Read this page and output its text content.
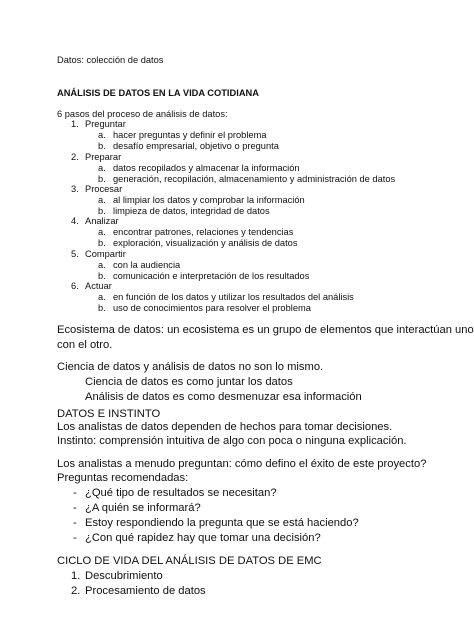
Datos: colección de datos
ANÁLISIS DE DATOS EN LA VIDA COTIDIANA
6 pasos del proceso de análisis de datos:
1. Preguntar
a. hacer preguntas y definir el problema
b. desafío empresarial, objetivo o pregunta
2. Preparar
a. datos recopilados y almacenar la información
b. generación, recopilación, almacenamiento y administración de datos
3. Procesar
a. al limpiar los datos y comprobar la información
b. limpieza de datos, integridad de datos
4. Analizar
a. encontrar patrones, relaciones y tendencias
b. exploración, visualización y análisis de datos
5. Compartir
a. con la audiencia
b. comunicación e interpretación de los resultados
6. Actuar
a. en función de los datos y utilizar los resultados del análisis
b. uso de conocimientos para resolver el problema
Ecosistema de datos: un ecosistema es un grupo de elementos que interactúan uno
con el otro.
Ciencia de datos y análisis de datos no son lo mismo.
Ciencia de datos es como juntar los datos
Análisis de datos es como desmenuzar esa información
DATOS E INSTINTO
Los analistas de datos dependen de hechos para tomar decisiones.
Instinto: comprensión intuitiva de algo con poca o ninguna explicación.
Los analistas a menudo preguntan: cómo defino el éxito de este proyecto?
Preguntas recomendadas:
- ¿Qué tipo de resultados se necesitan?
- ¿A quién se informará?
- Estoy respondiendo la pregunta que se está haciendo?
- ¿Con qué rapidez hay que tomar una decisión?
CICLO DE VIDA DEL ANÁLISIS DE DATOS DE EMC
1. Descubrimiento
2. Procesamiento de datos
